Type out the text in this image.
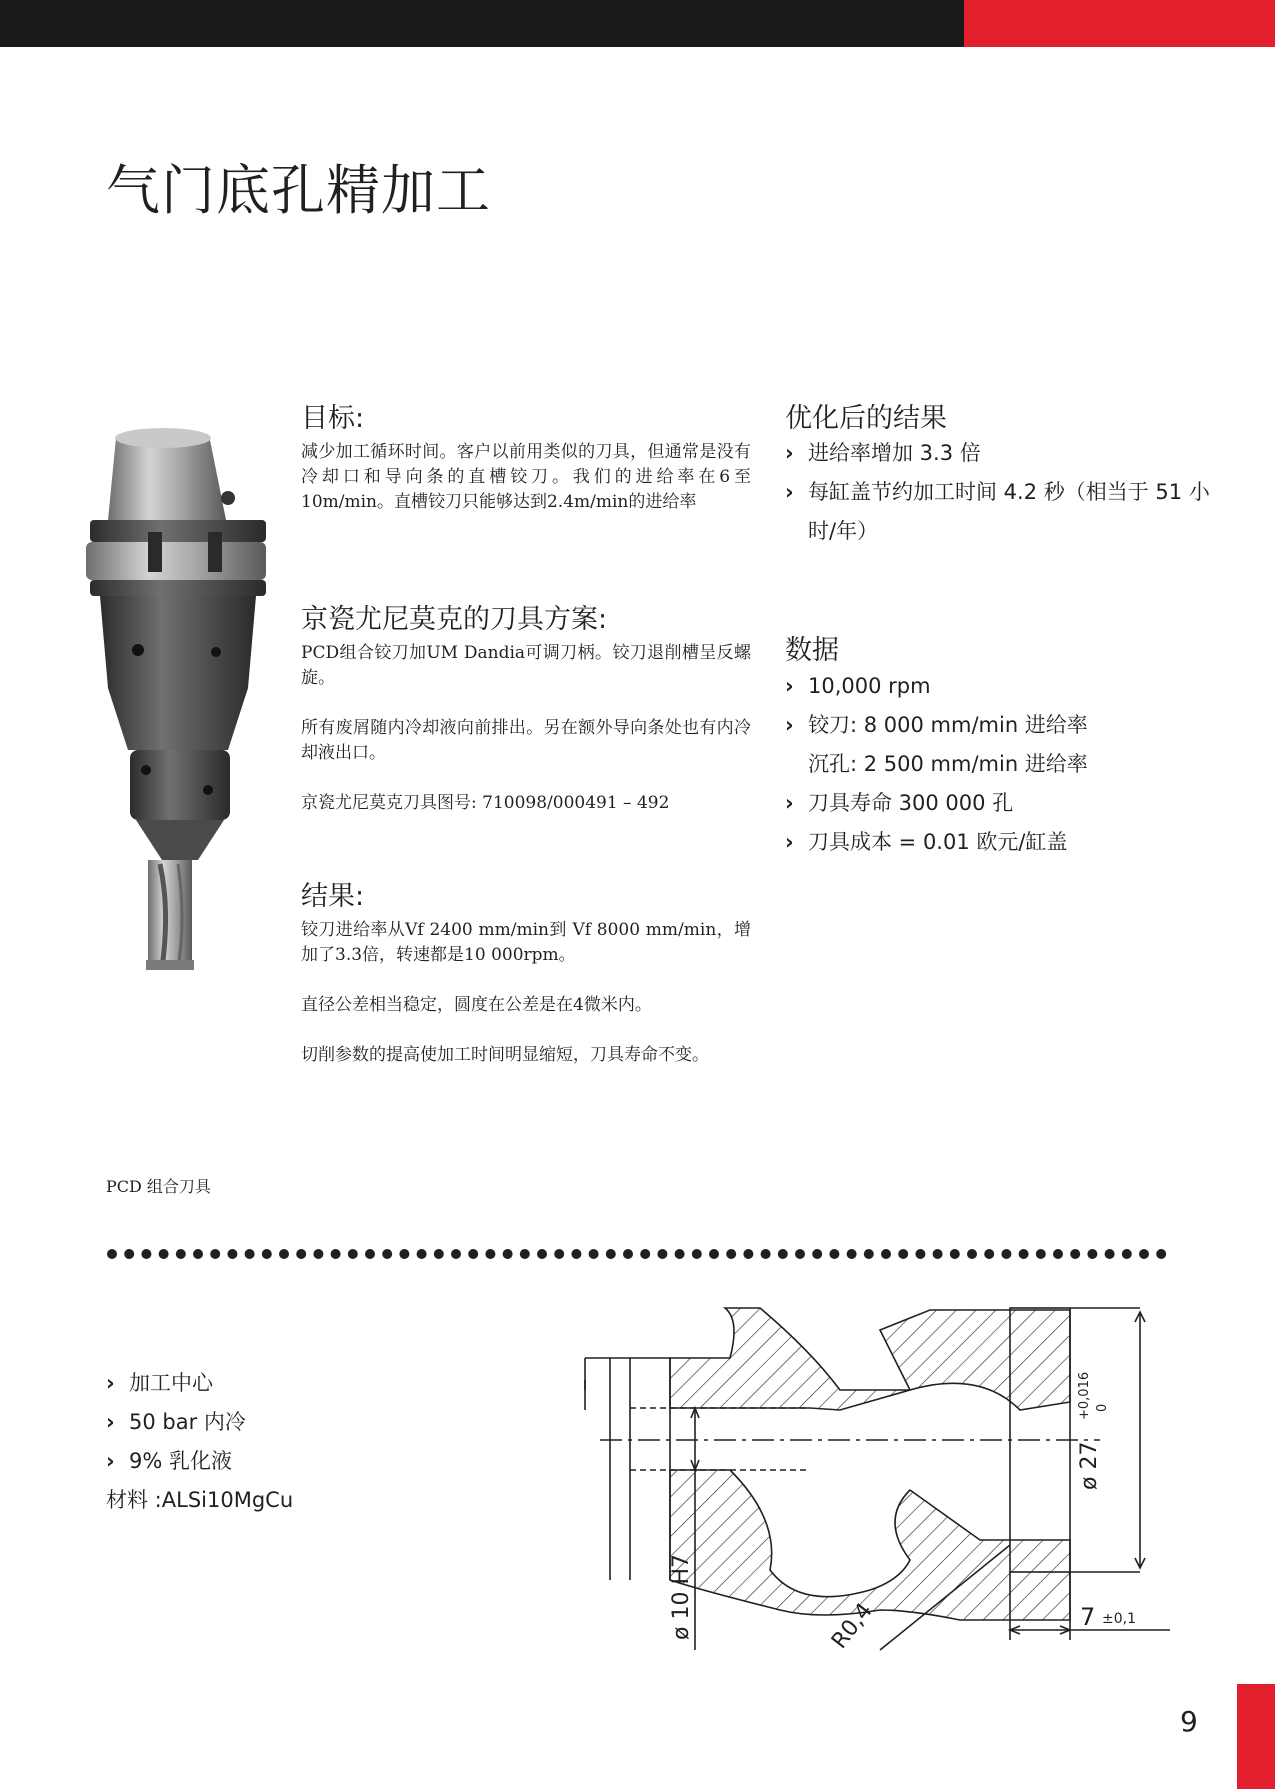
气门底孔精加工
目标:

减少加工循环时间。客户以前用类似的刀具，但通常是没有冷却口和导向条的直槽铰刀。我们的进给率在6至10m/min。直槽铰刀只能够达到2.4m/min的进给率

京瓷尤尼莫克的刀具方案:

PCD组合铰刀加UM Dandia可调刀柄。铰刀退削槽呈反螺旋。

所有废屑随内冷却液向前排出。另在额外导向条处也有内冷却液出口。

京瓷尤尼莫克刀具图号: 710098/000491 – 492

结果:

铰刀进给率从Vf 2400 mm/min到 Vf 8000 mm/min，增加了3.3倍，转速都是10 000rpm。

直径公差相当稳定，圆度在公差是在4微米内。

切削参数的提高使加工时间明显缩短，刀具寿命不变。

优化后的结果
› 进给率增加 3.3 倍
› 每缸盖节约加工时间 4.2 秒（相当于 51 小时/年）
数据
› 10,000 rpm
› 铰刀: 8 000 mm/min 进给率
沉孔: 2 500 mm/min 进给率
› 刀具寿命 300 000 孔
› 刀具成本 = 0.01 欧元/缸盖
PCD 组合刀具
› 加工中心
› 50 bar 内冷
› 9% 乳化液
材料 :ALSi10MgCu
ø 10 H7	R0,4
ø 27
+0,016 0
7 ±0,1
9
